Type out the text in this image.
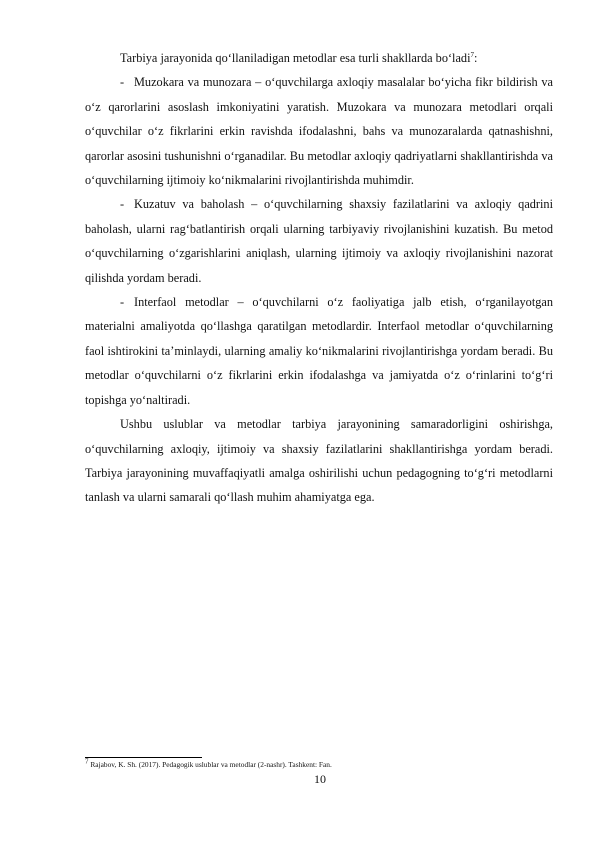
Tarbiya jarayonida qo‘llaniladigan metodlar esa turli shakllarda bo‘ladi$^7$:

- Muzokara va munozara – o‘quvchilarga axloqiy masalalar bo‘yicha fikr bildirish va o‘z qarorlarini asoslash imkoniyatini yaratish. Muzokara va munozara metodlari orqali o‘quvchilar o‘z fikrlarini erkin ravishda ifodalashni, bahs va munozaralarda qatnashishni, qarorlar asosini tushunishni o‘rganadilar. Bu metodlar axloqiy qadriyatlarni shakllantirishda va o‘quvchilarning ijtimoiy ko‘nikmalarini rivojlantirishda muhimdir.

- Kuzatuv va baholash – o‘quvchilarning shaxsiy fazilatlarini va axloqiy qadrini baholash, ularni rag‘batlantirish orqali ularning tarbiyaviy rivojlanishini kuzatish. Bu metod o‘quvchilarning o‘zgarishlarini aniqlash, ularning ijtimoiy va axloqiy rivojlanishini nazorat qilishda yordam beradi.

- Interfaol metodlar – o‘quvchilarni o‘z faoliyatiga jalb etish, o‘rganilayotgan materialni amaliyotda qo‘llashga qaratilgan metodlardir. Interfaol metodlar o‘quvchilarning faol ishtirokini ta’minlaydi, ularning amaliy ko‘nikmalarini rivojlantirishga yordam beradi. Bu metodlar o‘quvchilarni o‘z fikrlarini erkin ifodalashga va jamiyatda o‘z o‘rinlarini to‘g‘ri topishga yo‘naltiradi.

Ushbu uslublar va metodlar tarbiya jarayonining samaradorligini oshirishga, o‘quvchilarning axloqiy, ijtimoiy va shaxsiy fazilatlarini shakllantirishga yordam beradi. Tarbiya jarayonining muvaffaqiyatli amalga oshirilishi uchun pedagogning to‘g‘ri metodlarni tanlash va ularni samarali qo‘llash muhim ahamiyatga ega.

$^7$ Rajabov, K. Sh. (2017). Pedagogik uslublar va metodlar (2-nashr). Tashkent: Fan.

10
